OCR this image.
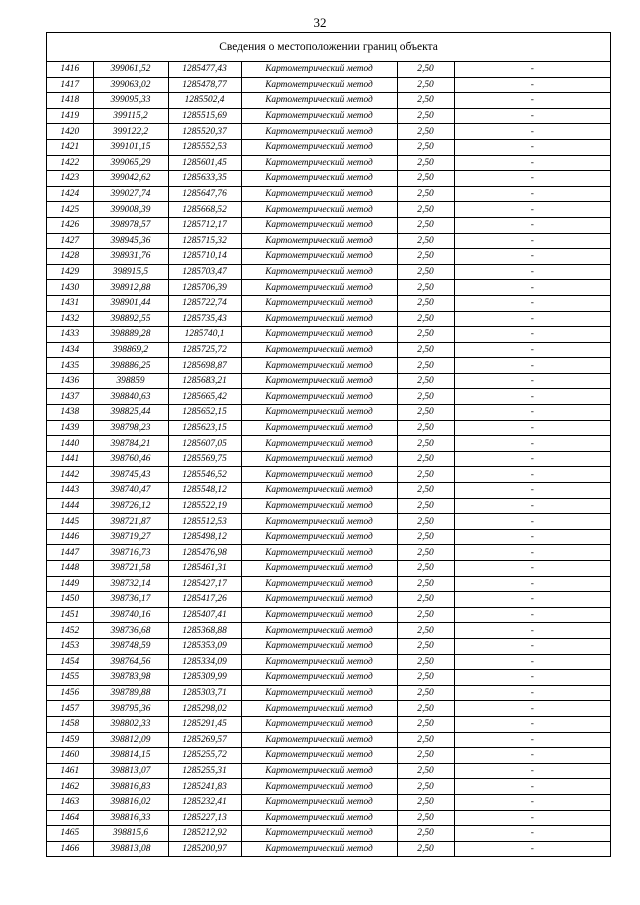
32
Сведения о местоположении границ объекта
1416	399061,52	1285477,43	Картометрический метод	2,50	-
1417	399063,02	1285478,77	Картометрический метод	2,50	-
1418	399095,33	1285502,4	Картометрический метод	2,50	-
1419	399115,2	1285515,69	Картометрический метод	2,50	-
1420	399122,2	1285520,37	Картометрический метод	2,50	-
1421	399101,15	1285552,53	Картометрический метод	2,50	-
1422	399065,29	1285601,45	Картометрический метод	2,50	-
1423	399042,62	1285633,35	Картометрический метод	2,50	-
1424	399027,74	1285647,76	Картометрический метод	2,50	-
1425	399008,39	1285668,52	Картометрический метод	2,50	-
1426	398978,57	1285712,17	Картометрический метод	2,50	-
1427	398945,36	1285715,32	Картометрический метод	2,50	-
1428	398931,76	1285710,14	Картометрический метод	2,50	-
1429	398915,5	1285703,47	Картометрический метод	2,50	-
1430	398912,88	1285706,39	Картометрический метод	2,50	-
1431	398901,44	1285722,74	Картометрический метод	2,50	-
1432	398892,55	1285735,43	Картометрический метод	2,50	-
1433	398889,28	1285740,1	Картометрический метод	2,50	-
1434	398869,2	1285725,72	Картометрический метод	2,50	-
1435	398886,25	1285698,87	Картометрический метод	2,50	-
1436	398859	1285683,21	Картометрический метод	2,50	-
1437	398840,63	1285665,42	Картометрический метод	2,50	-
1438	398825,44	1285652,15	Картометрический метод	2,50	-
1439	398798,23	1285623,15	Картометрический метод	2,50	-
1440	398784,21	1285607,05	Картометрический метод	2,50	-
1441	398760,46	1285569,75	Картометрический метод	2,50	-
1442	398745,43	1285546,52	Картометрический метод	2,50	-
1443	398740,47	1285548,12	Картометрический метод	2,50	-
1444	398726,12	1285522,19	Картометрический метод	2,50	-
1445	398721,87	1285512,53	Картометрический метод	2,50	-
1446	398719,27	1285498,12	Картометрический метод	2,50	-
1447	398716,73	1285476,98	Картометрический метод	2,50	-
1448	398721,58	1285461,31	Картометрический метод	2,50	-
1449	398732,14	1285427,17	Картометрический метод	2,50	-
1450	398736,17	1285417,26	Картометрический метод	2,50	-
1451	398740,16	1285407,41	Картометрический метод	2,50	-
1452	398736,68	1285368,88	Картометрический метод	2,50	-
1453	398748,59	1285353,09	Картометрический метод	2,50	-
1454	398764,56	1285334,09	Картометрический метод	2,50	-
1455	398783,98	1285309,99	Картометрический метод	2,50	-
1456	398789,88	1285303,71	Картометрический метод	2,50	-
1457	398795,36	1285298,02	Картометрический метод	2,50	-
1458	398802,33	1285291,45	Картометрический метод	2,50	-
1459	398812,09	1285269,57	Картометрический метод	2,50	-
1460	398814,15	1285255,72	Картометрический метод	2,50	-
1461	398813,07	1285255,31	Картометрический метод	2,50	-
1462	398816,83	1285241,83	Картометрический метод	2,50	-
1463	398816,02	1285232,41	Картометрический метод	2,50	-
1464	398816,33	1285227,13	Картометрический метод	2,50	-
1465	398815,6	1285212,92	Картометрический метод	2,50	-
1466	398813,08	1285200,97	Картометрический метод	2,50	-
